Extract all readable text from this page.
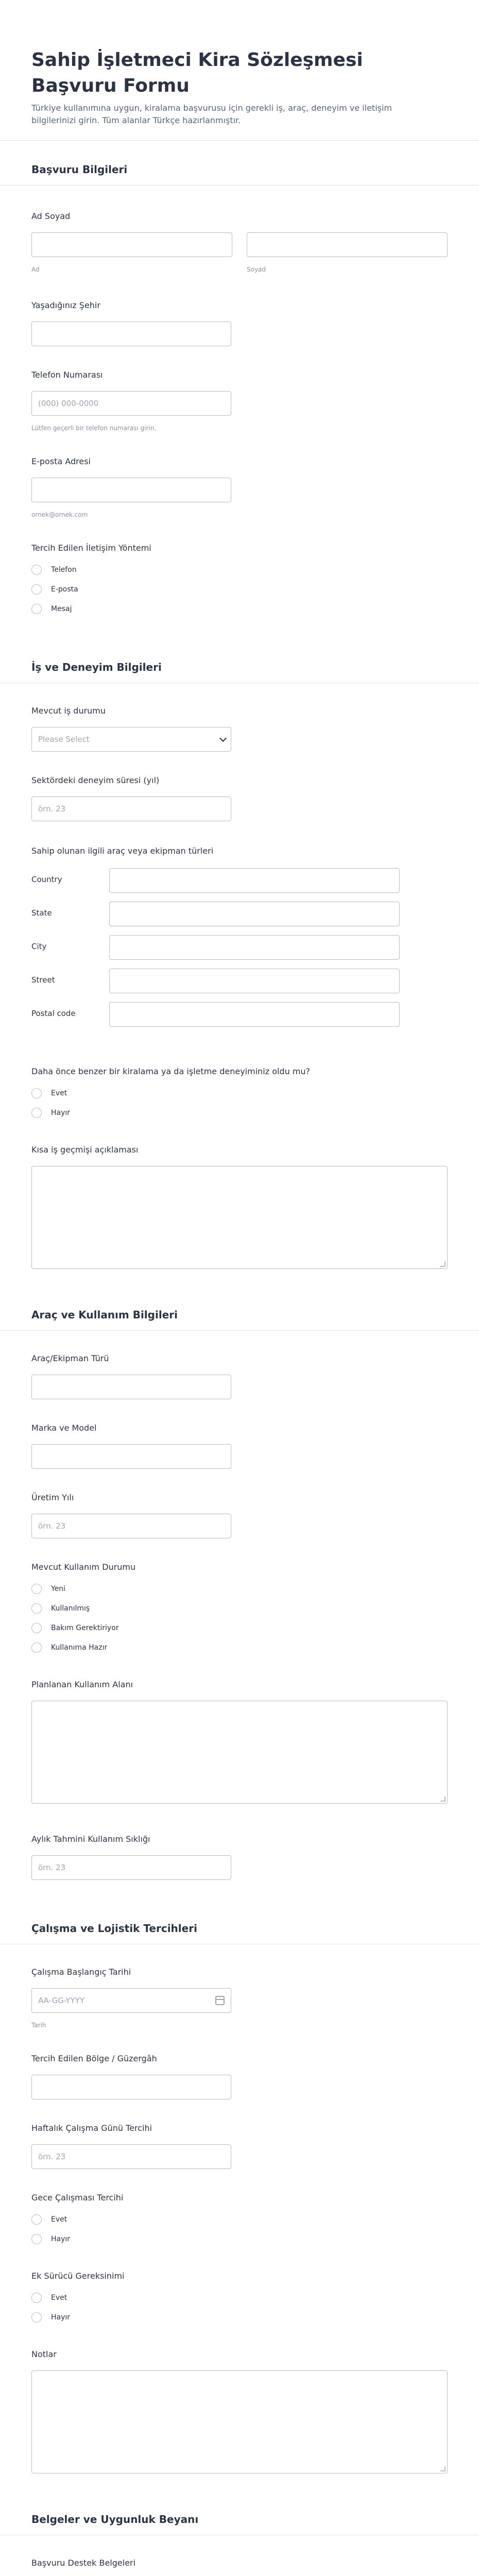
Sahip İşletmeci Kira Sözleşmesi Başvuru Formu
Türkiye kullanımına uygun, kiralama başvurusu için gerekli iş, araç, deneyim ve iletişim bilgilerinizi girin. Tüm alanlar Türkçe hazırlanmıştır.
Başvuru Bilgileri
Ad Soyad
Ad	Soyad
Yaşadığınız Şehir
Telefon Numarası
(000) 000-0000
Lütfen geçerli bir telefon numarası girin.
E-posta Adresi
ornek@ornek.com
Tercih Edilen İletişim Yöntemi
Telefon
E-posta
Mesaj
İş ve Deneyim Bilgileri
Mevcut iş durumu
Please Select
Sektördeki deneyim süresi (yıl)
örn. 23
Sahip olunan ilgili araç veya ekipman türleri
Country
State
City
Street
Postal code
Daha önce benzer bir kiralama ya da işletme deneyiminiz oldu mu?
Evet
Hayır
Kısa iş geçmişi açıklaması
Araç ve Kullanım Bilgileri
Araç/Ekipman Türü
Marka ve Model
Üretim Yılı
örn. 23
Mevcut Kullanım Durumu
Yeni
Kullanılmış
Bakım Gerektiriyor
Kullanıma Hazır
Planlanan Kullanım Alanı
Aylık Tahmini Kullanım Sıklığı
örn. 23
Çalışma ve Lojistik Tercihleri
Çalışma Başlangıç Tarihi
AA-GG-YYYY
Tarih
Tercih Edilen Bölge / Güzergâh
Haftalık Çalışma Günü Tercihi
örn. 23
Gece Çalışması Tercihi
Evet
Hayır
Ek Sürücü Gereksinimi
Evet
Hayır
Notlar
Belgeler ve Uygunluk Beyanı
Başvuru Destek Belgeleri
